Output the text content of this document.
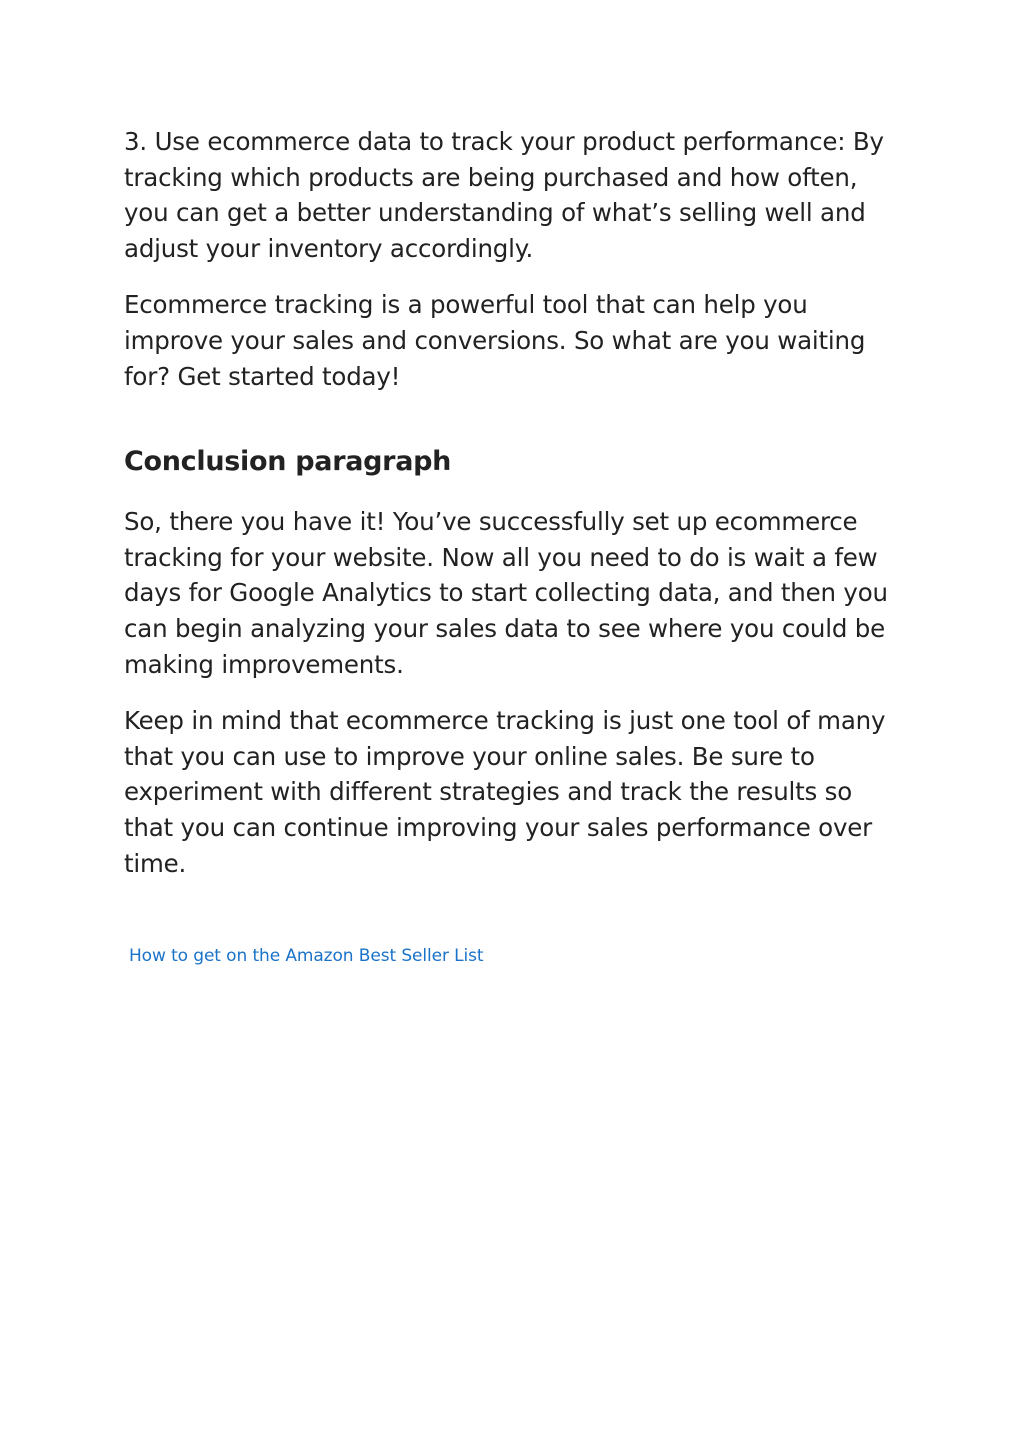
3. Use ecommerce data to track your product performance: By tracking which products are being purchased and how often, you can get a better understanding of what’s selling well and adjust your inventory accordingly.

Ecommerce tracking is a powerful tool that can help you improve your sales and conversions. So what are you waiting for? Get started today!

Conclusion paragraph

So, there you have it! You’ve successfully set up ecommerce tracking for your website. Now all you need to do is wait a few days for Google Analytics to start collecting data, and then you can begin analyzing your sales data to see where you could be making improvements.

Keep in mind that ecommerce tracking is just one tool of many that you can use to improve your online sales. Be sure to experiment with different strategies and track the results so that you can continue improving your sales performance over time.

How to get on the Amazon Best Seller List
